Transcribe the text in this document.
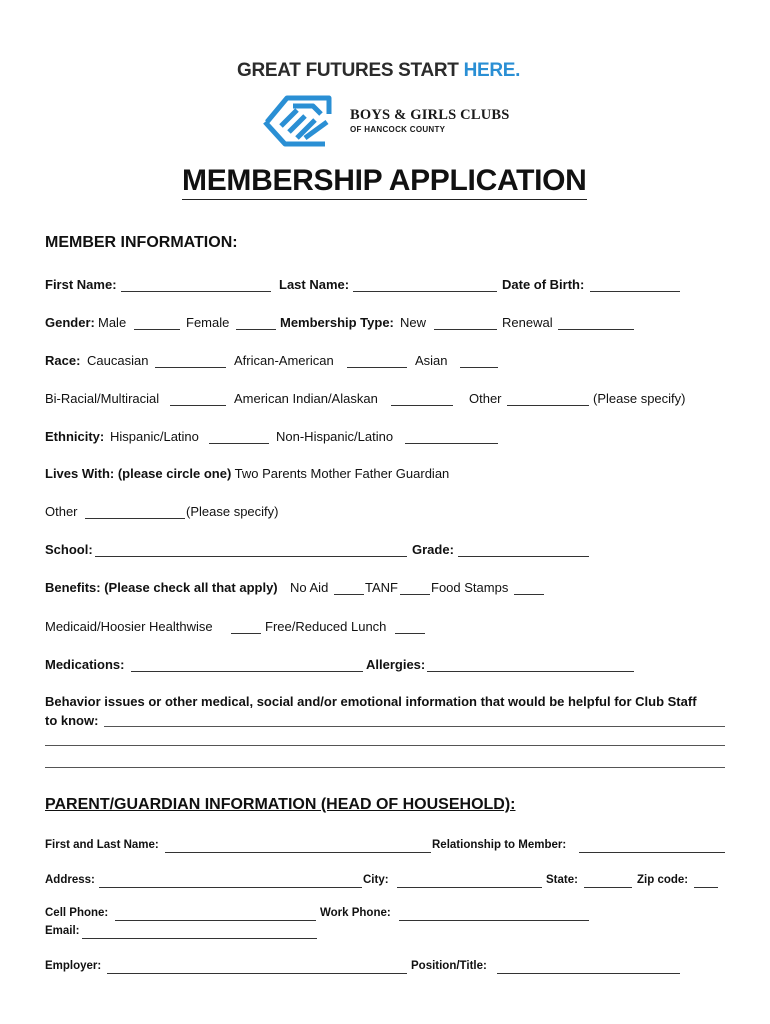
GREAT FUTURES START HERE.
BOYS & GIRLS CLUBS
OF HANCOCK COUNTY
MEMBERSHIP APPLICATION
MEMBER INFORMATION:
First Name:	Last Name:	Date of Birth:
Gender: Male	Female	Membership Type: New	Renewal
Race: Caucasian	African-American	Asian
Bi-Racial/Multiracial	American Indian/Alaskan	Other	(Please specify)
Ethnicity: Hispanic/Latino	Non-Hispanic/Latino
Lives With: (please circle one) Two Parents Mother Father Guardian
Other	(Please specify)
School:	Grade:
Benefits: (Please check all that apply) No Aid	TANF	Food Stamps
Medicaid/Hoosier Healthwise	Free/Reduced Lunch
Medications:	Allergies:
Behavior issues or other medical, social and/or emotional information that would be helpful for Club Staff
to know:
PARENT/GUARDIAN INFORMATION (HEAD OF HOUSEHOLD):
First and Last Name:	Relationship to Member:
Address:	City:	State:	Zip code:
Cell Phone:	Work Phone:
Email:
Employer:	Position/Title:
